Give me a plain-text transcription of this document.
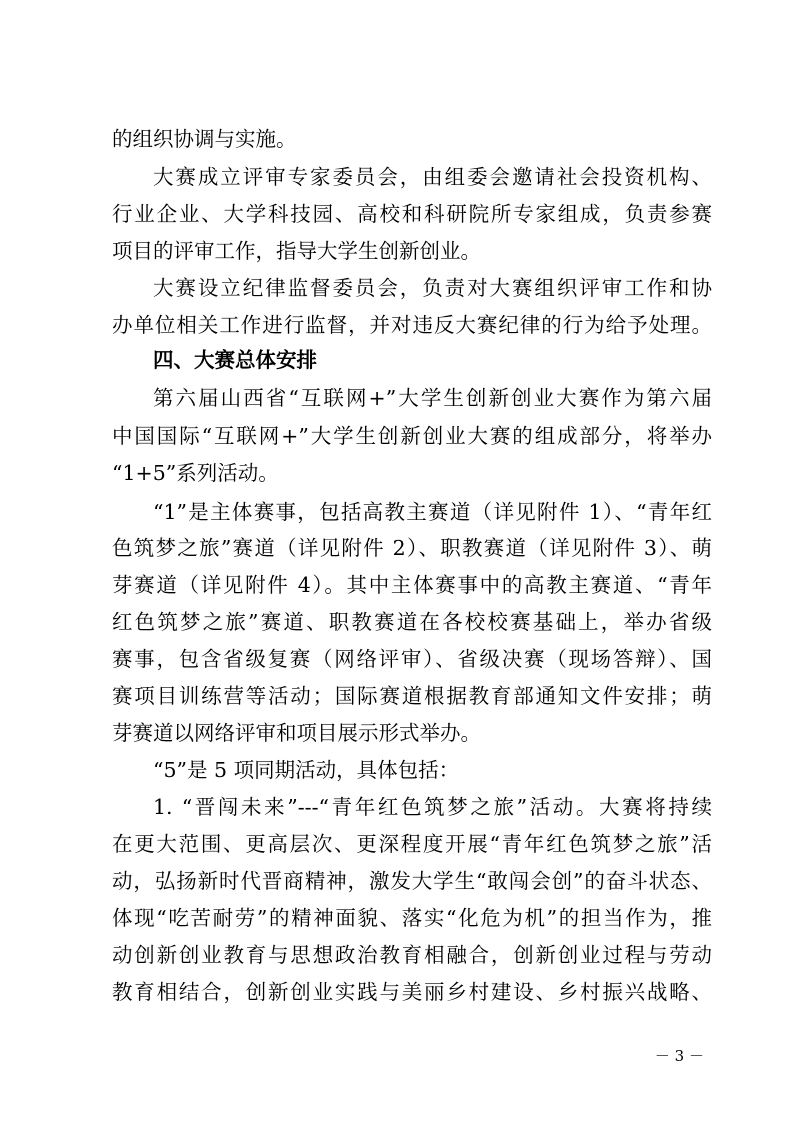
的组织协调与实施。
大赛成立评审专家委员会，由组委会邀请社会投资机构、
行业企业、大学科技园、高校和科研院所专家组成，负责参赛
项目的评审工作，指导大学生创新创业。
大赛设立纪律监督委员会，负责对大赛组织评审工作和协
办单位相关工作进行监督，并对违反大赛纪律的行为给予处理。
四、大赛总体安排
第六届山西省“互联网+”大学生创新创业大赛作为第六届
中国国际“互联网+”大学生创新创业大赛的组成部分，将举办
“1+5”系列活动。
“1”是主体赛事，包括高教主赛道（详见附件 1）、“青年红
色筑梦之旅”赛道（详见附件 2）、职教赛道（详见附件 3）、萌
芽赛道（详见附件 4）。其中主体赛事中的高教主赛道、“青年
红色筑梦之旅”赛道、职教赛道在各校校赛基础上，举办省级
赛事，包含省级复赛（网络评审）、省级决赛（现场答辩）、国
赛项目训练营等活动；国际赛道根据教育部通知文件安排；萌
芽赛道以网络评审和项目展示形式举办。
“5”是 5 项同期活动，具体包括：
1. “晋闯未来”---“青年红色筑梦之旅”活动。大赛将持续
在更大范围、更高层次、更深程度开展“青年红色筑梦之旅”活
动，弘扬新时代晋商精神，激发大学生“敢闯会创”的奋斗状态、
体现“吃苦耐劳”的精神面貌、落实“化危为机”的担当作为，推
动创新创业教育与思想政治教育相融合，创新创业过程与劳动
教育相结合，创新创业实践与美丽乡村建设、乡村振兴战略、
－ 3 －
